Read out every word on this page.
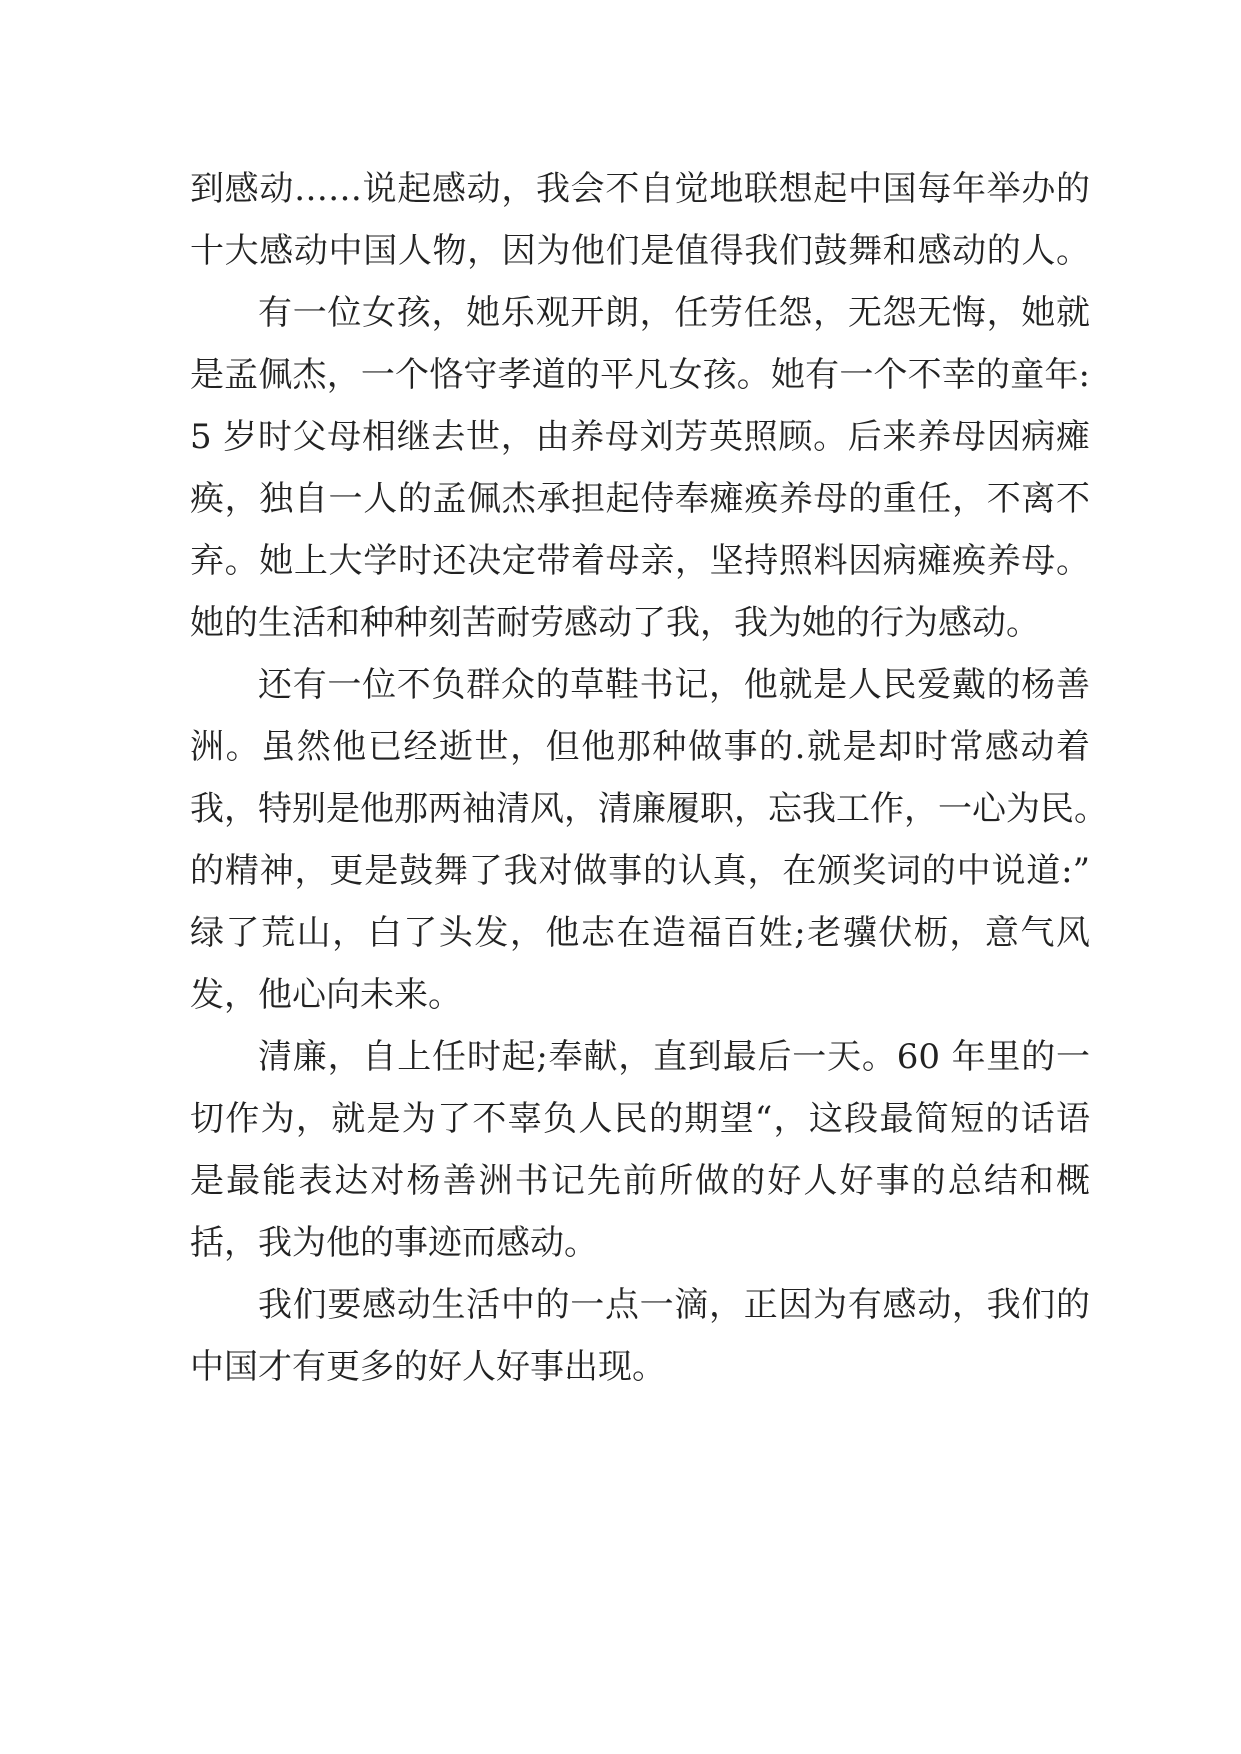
到感动……说起感动，我会不自觉地联想起中国每年举办的
十大感动中国人物，因为他们是值得我们鼓舞和感动的人。
有一位女孩，她乐观开朗，任劳任怨，无怨无悔，她就
是孟佩杰，一个恪守孝道的平凡女孩。她有一个不幸的童年:
5 岁时父母相继去世，由养母刘芳英照顾。后来养母因病瘫
痪，独自一人的孟佩杰承担起侍奉瘫痪养母的重任，不离不
弃。她上大学时还决定带着母亲，坚持照料因病瘫痪养母。
她的生活和种种刻苦耐劳感动了我，我为她的行为感动。
还有一位不负群众的草鞋书记，他就是人民爱戴的杨善
洲。虽然他已经逝世，但他那种做事的.就是却时常感动着
我，特别是他那两袖清风，清廉履职，忘我工作，一心为民。
的精神，更是鼓舞了我对做事的认真，在颁奖词的中说道:”
绿了荒山，白了头发，他志在造福百姓;老骥伏枥，意气风
发，他心向未来。
清廉，自上任时起;奉献，直到最后一天。60 年里的一
切作为，就是为了不辜负人民的期望“，这段最简短的话语
是最能表达对杨善洲书记先前所做的好人好事的总结和概
括，我为他的事迹而感动。
我们要感动生活中的一点一滴，正因为有感动，我们的
中国才有更多的好人好事出现。
